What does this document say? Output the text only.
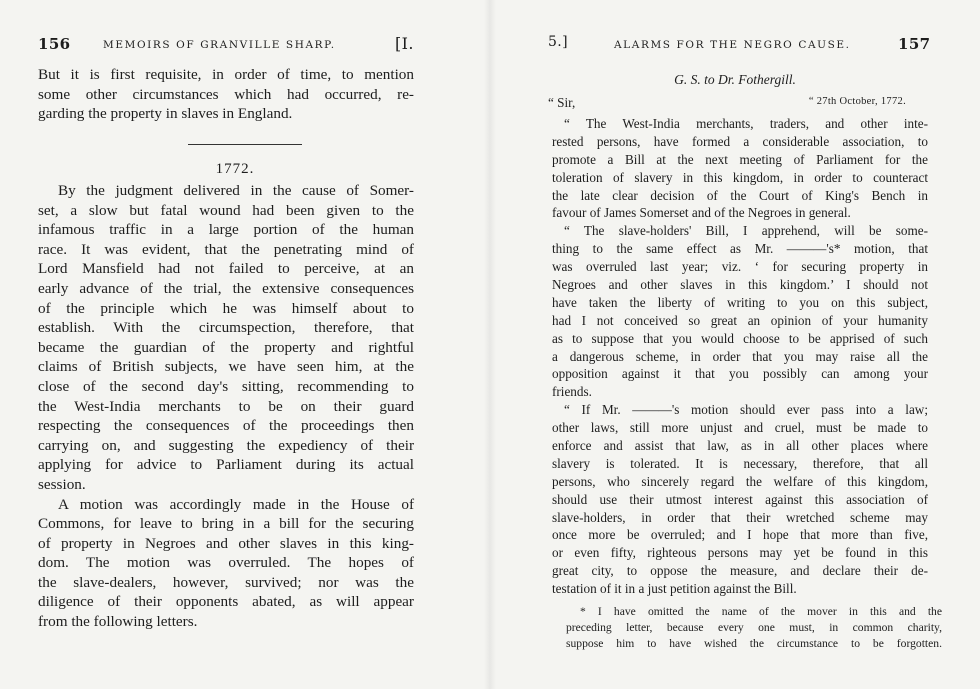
156	MEMOIRS OF GRANVILLE SHARP.	[I.
But it is first requisite, in order of time, to mention
some other circumstances which had occurred, re-
garding the property in slaves in England.
1772.
By the judgment delivered in the cause of Somer-
set, a slow but fatal wound had been given to the
infamous traffic in a large portion of the human
race. It was evident, that the penetrating mind of
Lord Mansfield had not failed to perceive, at an
early advance of the trial, the extensive consequences
of the principle which he was himself about to
establish. With the circumspection, therefore, that
became the guardian of the property and rightful
claims of British subjects, we have seen him, at the
close of the second day's sitting, recommending to
the West-India merchants to be on their guard
respecting the consequences of the proceedings then
carrying on, and suggesting the expediency of their
applying for advice to Parliament during its actual
session.
A motion was accordingly made in the House of
Commons, for leave to bring in a bill for the securing
of property in Negroes and other slaves in this king-
dom. The motion was overruled. The hopes of
the slave-dealers, however, survived; nor was the
diligence of their opponents abated, as will appear
from the following letters.
5.]	ALARMS FOR THE NEGRO CAUSE.	157
G. S. to Dr. Fothergill.
“ Sir,	“ 27th October, 1772.
“ The West-India merchants, traders, and other inte-
rested persons, have formed a considerable association, to
promote a Bill at the next meeting of Parliament for the
toleration of slavery in this kingdom, in order to counteract
the late clear decision of the Court of King's Bench in
favour of James Somerset and of the Negroes in general.
“ The slave-holders' Bill, I apprehend, will be some-
thing to the same effect as Mr. ———'s* motion, that
was overruled last year; viz. ‘ for securing property in
Negroes and other slaves in this kingdom.’ I should not
have taken the liberty of writing to you on this subject,
had I not conceived so great an opinion of your humanity
as to suppose that you would choose to be apprised of such
a dangerous scheme, in order that you may raise all the
opposition against it that you possibly can among your
friends.
“ If Mr. ———'s motion should ever pass into a law;
other laws, still more unjust and cruel, must be made to
enforce and assist that law, as in all other places where
slavery is tolerated. It is necessary, therefore, that all
persons, who sincerely regard the welfare of this kingdom,
should use their utmost interest against this association of
slave-holders, in order that their wretched scheme may
once more be overruled; and I hope that more than five,
or even fifty, righteous persons may yet be found in this
great city, to oppose the measure, and declare their de-
testation of it in a just petition against the Bill.
* I have omitted the name of the mover in this and the
preceding letter, because every one must, in common charity,
suppose him to have wished the circumstance to be forgotten.
